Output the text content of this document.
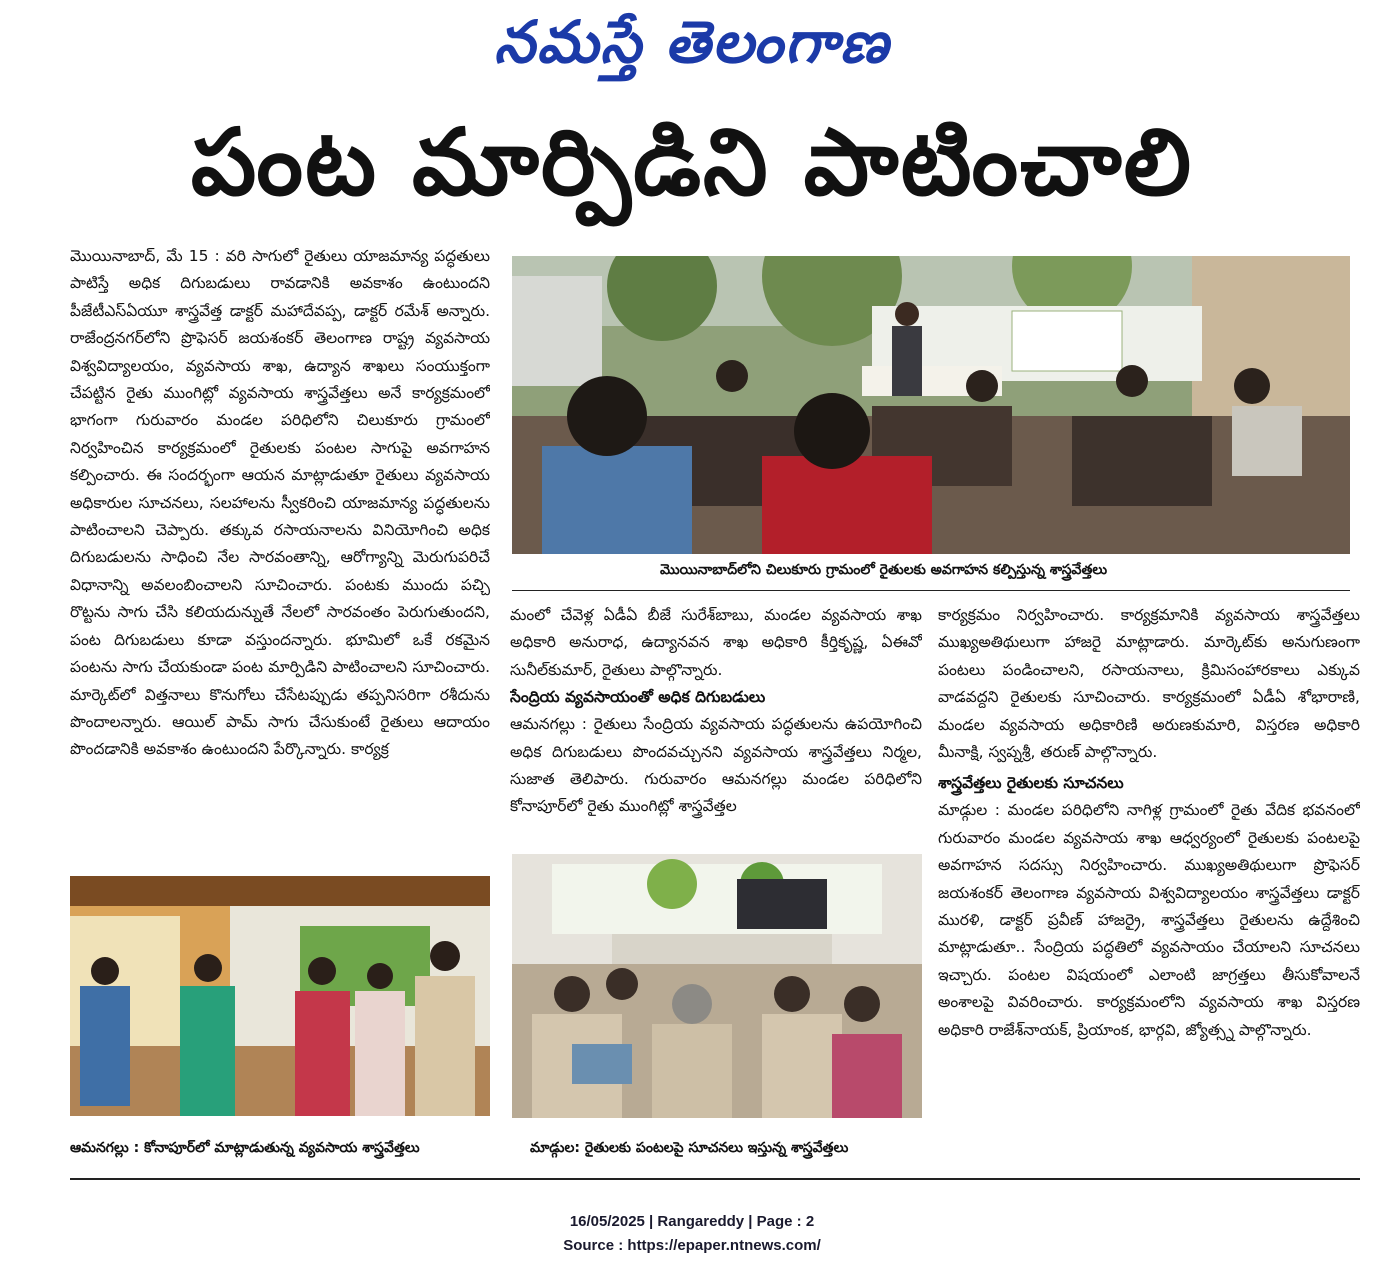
నమస్తే తెలంగాణ
పంట మార్పిడిని పాటించాలి

మొయినాబాద్, మే 15 : వరి సాగులో రైతులు యాజమాన్య పద్ధతులు పాటిస్తే అధిక దిగుబడులు రావడానికి అవకాశం ఉంటుందని పీజేటీఎస్‌ఏయూ శాస్త్రవేత్త డాక్టర్ మహాదేవప్ప, డాక్టర్ రమేశ్ అన్నారు. రాజేంద్రనగర్‌లోని ప్రొఫెసర్ జయశంకర్ తెలంగాణ రాష్ట్ర వ్యవసాయ విశ్వవిద్యాలయం, వ్యవసాయ శాఖ, ఉద్యాన శాఖలు సంయుక్తంగా చేపట్టిన రైతు ముంగిట్లో వ్యవసాయ శాస్త్రవేత్తలు అనే కార్యక్రమంలో భాగంగా గురువారం మండల పరిధిలోని చిలుకూరు గ్రామంలో నిర్వహించిన కార్యక్రమంలో రైతులకు పంటల సాగుపై అవగాహన కల్పించారు. ఈ సందర్భంగా ఆయన మాట్లాడుతూ రైతులు వ్యవసాయ అధికారుల సూచనలు, సలహాలను స్వీకరించి యాజమాన్య పద్ధతులను పాటించాలని చెప్పారు. తక్కువ రసాయనాలను వినియోగించి అధిక దిగుబడులను సాధించి నేల సారవంతాన్ని, ఆరోగ్యాన్ని మెరుగుపరిచే విధానాన్ని అవలంబించాలని సూచించారు. పంటకు ముందు పచ్చి రొట్టను సాగు చేసి కలియదున్నుతే నేలలో సారవంతం పెరుగుతుందని, పంట దిగుబడులు కూడా వస్తుందన్నారు. భూమిలో ఒకే రకమైన పంటను సాగు చేయకుండా పంట మార్పిడిని పాటించాలని సూచించారు. మార్కెట్‌లో విత్తనాలు కొనుగోలు చేసేటప్పుడు తప్పనిసరిగా రశీదును పొందాలన్నారు. ఆయిల్ పామ్ సాగు చేసుకుంటే రైతులు ఆదాయం పొందడానికి అవకాశం ఉంటుందని పేర్కొన్నారు. కార్యక్ర

మొయినాబాద్‌లోని చిలుకూరు గ్రామంలో రైతులకు అవగాహన కల్పిస్తున్న శాస్త్రవేత్తలు

మంలో చేవెళ్ల ఏడీఏ బీజే సురేశ్‌బాబు, మండల వ్యవసాయ శాఖ అధికారి అనురాధ, ఉద్యానవన శాఖ అధికారి కీర్తికృష్ణ, ఏఈవో సునీల్‌కుమార్, రైతులు పాల్గొన్నారు.

సేంద్రియ వ్యవసాయంతో అధిక దిగుబడులు

ఆమనగల్లు : రైతులు సేంద్రియ వ్యవసాయ పద్ధతులను ఉపయోగించి అధిక దిగుబడులు పొందవచ్చునని వ్యవసాయ శాస్త్రవేత్తలు నిర్మల, సుజాత తెలిపారు. గురువారం ఆమనగల్లు మండల పరిధిలోని కోనాపూర్‌లో రైతు ముంగిట్లో శాస్త్రవేత్తల

కార్యక్రమం నిర్వహించారు. కార్యక్రమానికి వ్యవసాయ శాస్త్రవేత్తలు ముఖ్యఅతిథులుగా హాజరై మాట్లాడారు. మార్కెట్‌కు అనుగుణంగా పంటలు పండించాలని, రసాయనాలు, క్రిమిసంహారకాలు ఎక్కువ వాడవద్దని రైతులకు సూచించారు. కార్యక్రమంలో ఏడీఏ శోభారాణి, మండల వ్యవసాయ అధికారిణి అరుణకుమారి, విస్తరణ అధికారి మీనాక్షి, స్వప్నశ్రీ, తరుణ్ పాల్గొన్నారు.

శాస్త్రవేత్తలు రైతులకు సూచనలు

మాడ్గుల : మండల పరిధిలోని నాగిళ్ల గ్రామంలో రైతు వేదిక భవనంలో గురువారం మండల వ్యవసాయ శాఖ ఆధ్వర్యంలో రైతులకు పంటలపై అవగాహన సదస్సు నిర్వహించారు. ముఖ్యఅతిథులుగా ప్రొఫెసర్ జయశంకర్ తెలంగాణ వ్యవసాయ విశ్వవిద్యాలయం శాస్త్రవేత్తలు డాక్టర్ మురళి, డాక్టర్ ప్రవీణ్ హాజర్రై, శాస్త్రవేత్తలు రైతులను ఉద్దేశించి మాట్లాడుతూ.. సేంద్రియ పద్ధతిలో వ్యవసాయం చేయాలని సూచనలు ఇచ్చారు. పంటల విషయంలో ఎలాంటి జాగ్రత్తలు తీసుకోవాలనే అంశాలపై వివరించారు. కార్యక్రమంలోని వ్యవసాయ శాఖ విస్తరణ అధికారి రాజేశ్‌నాయక్, ప్రియాంక, భార్గవి, జ్యోత్స్న పాల్గొన్నారు.

ఆమనగల్లు : కోనాపూర్‌లో మాట్లాడుతున్న వ్యవసాయ శాస్త్రవేత్తలు	మాడ్గుల: రైతులకు పంటలపై సూచనలు ఇస్తున్న శాస్త్రవేత్తలు
16/05/2025 | Rangareddy | Page : 2
Source : https://epaper.ntnews.com/
